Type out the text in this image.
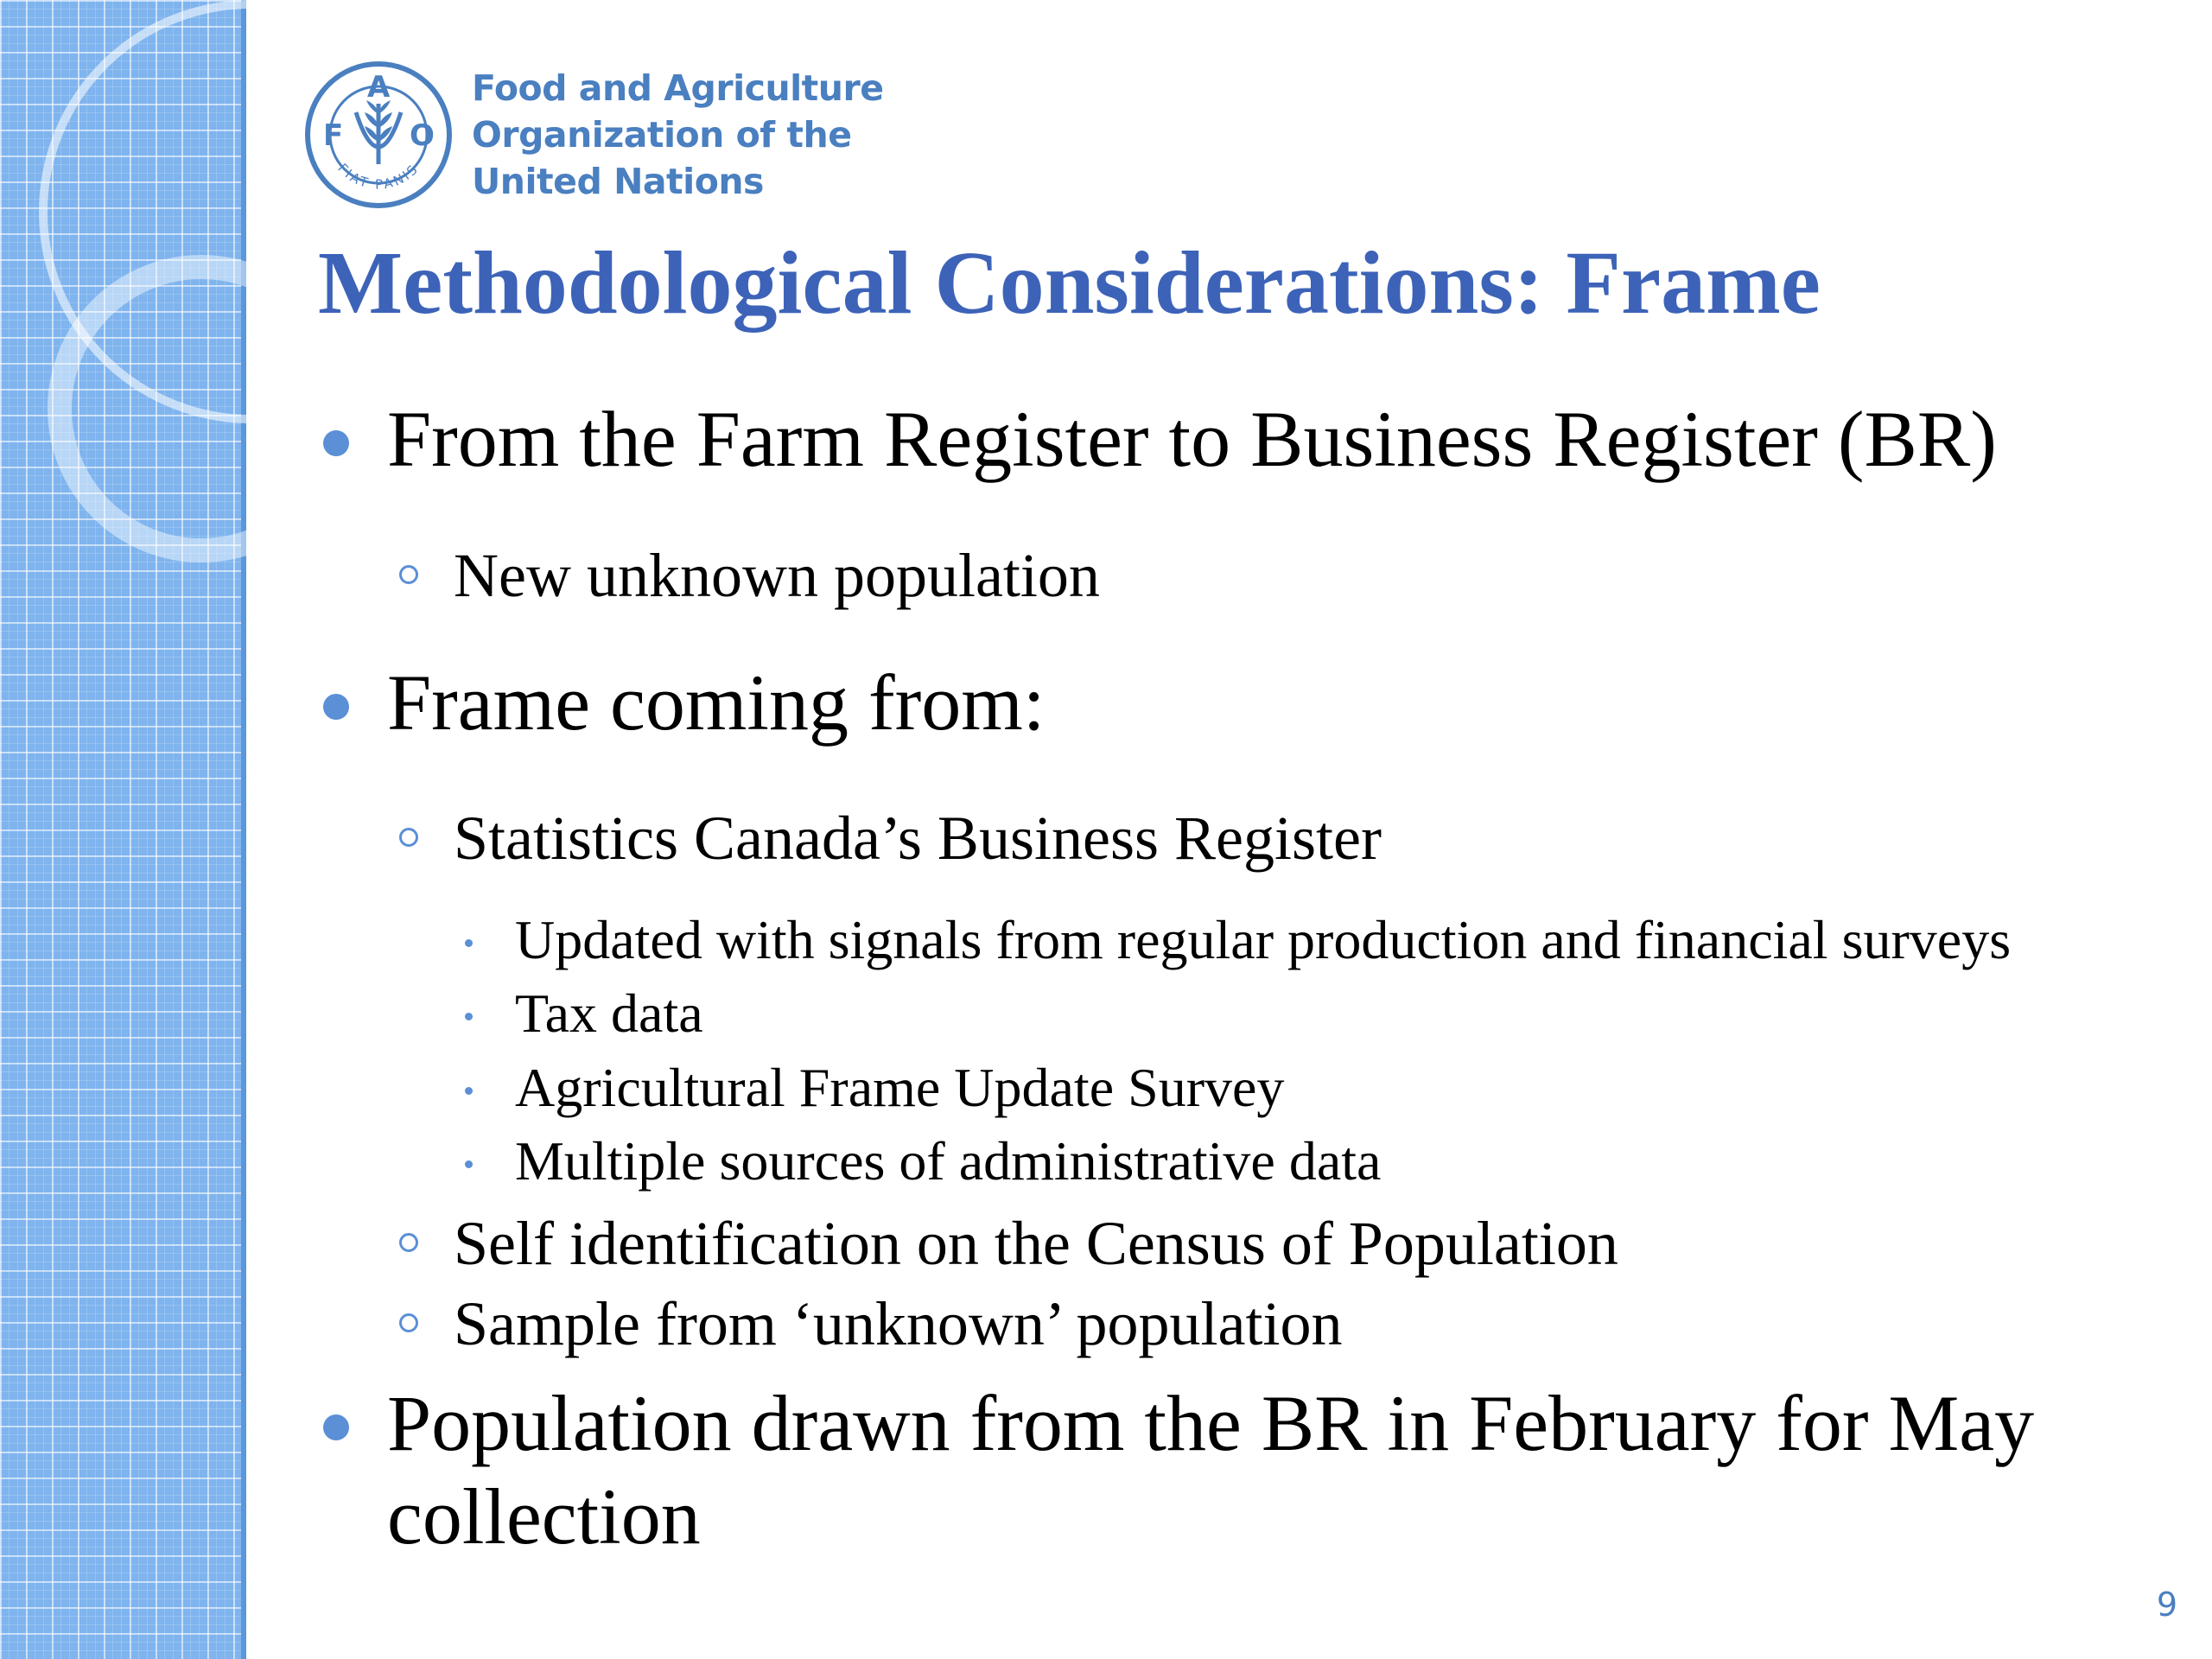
F
A
O
FIAT PANIS
Food and Agriculture
Organization of the
United Nations
Methodological Considerations: Frame
From the Farm Register to Business Register (BR)
New unknown population
Frame coming from:
Statistics Canada’s Business Register
Updated with signals from regular production and financial surveys
Tax data
Agricultural Frame Update Survey
Multiple sources of administrative data
Self identification on the Census of Population
Sample from ‘unknown’ population
Population drawn from the BR in February for May
collection
9
